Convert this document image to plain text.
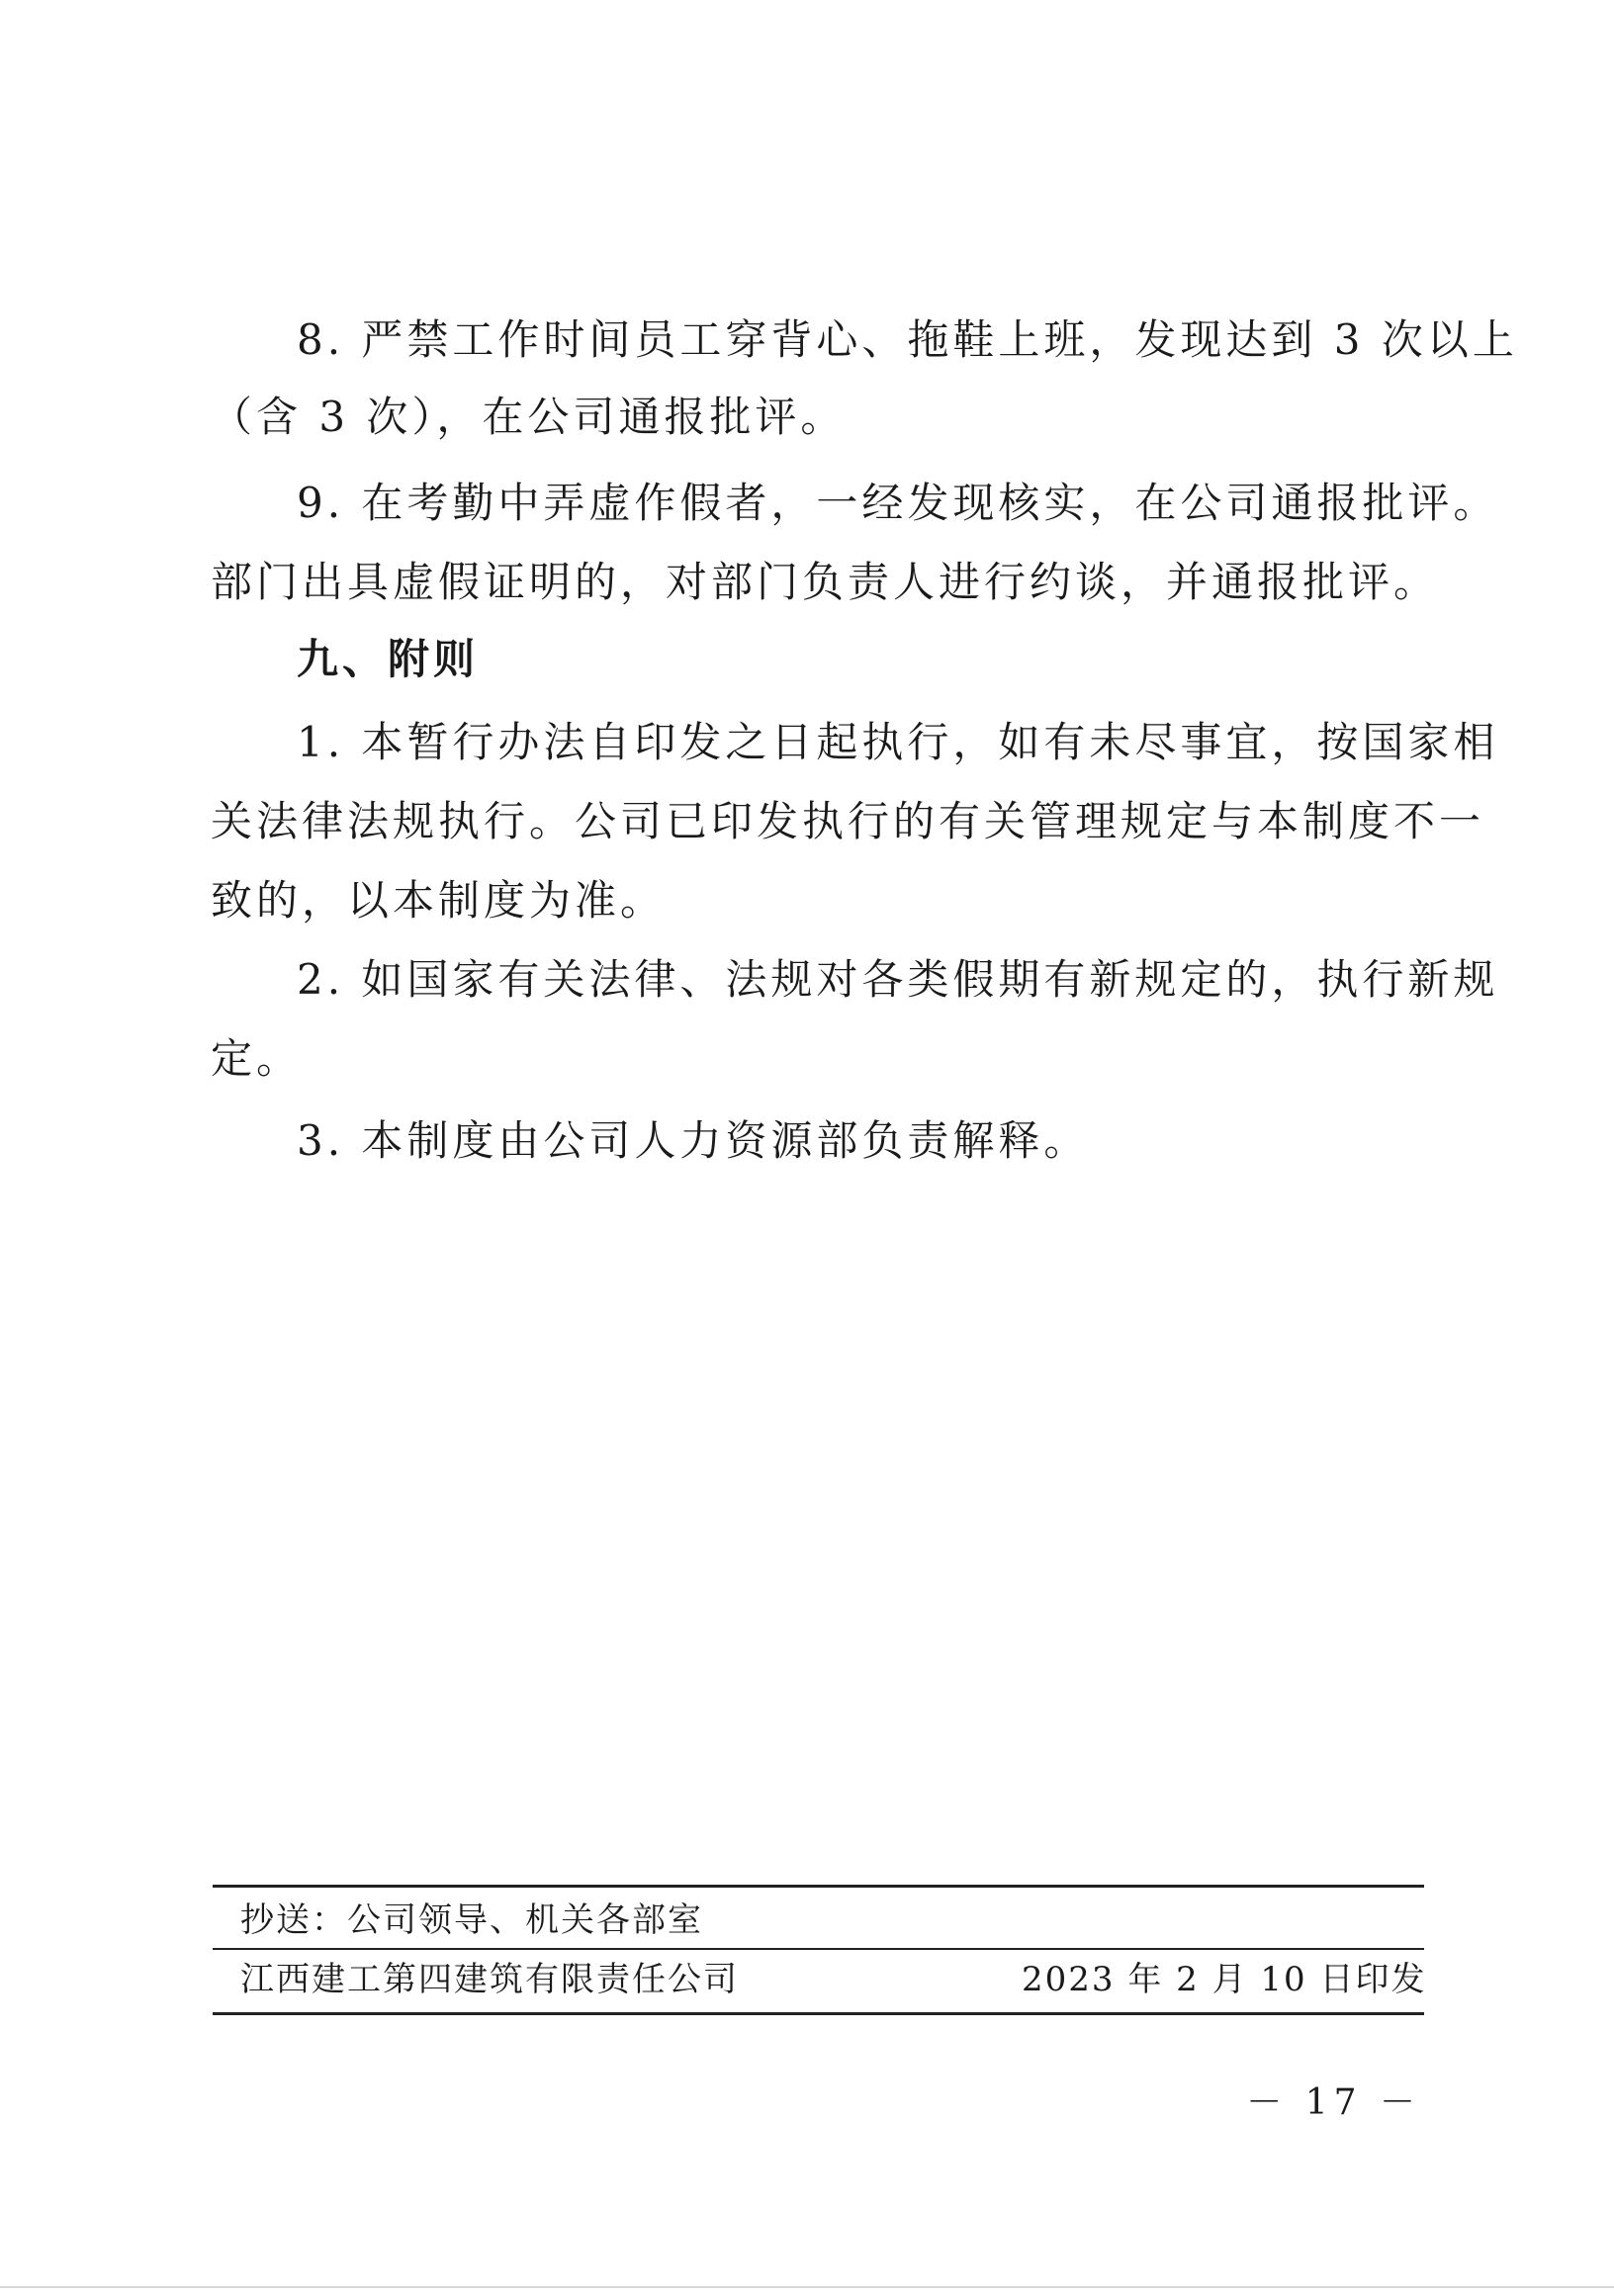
8. 严禁工作时间员工穿背心、拖鞋上班，发现达到 3 次以上
（含 3 次），在公司通报批评。
9. 在考勤中弄虚作假者，一经发现核实，在公司通报批评。
部门出具虚假证明的，对部门负责人进行约谈，并通报批评。
九、附则
1. 本暂行办法自印发之日起执行，如有未尽事宜，按国家相
关法律法规执行。公司已印发执行的有关管理规定与本制度不一
致的，以本制度为准。
2. 如国家有关法律、法规对各类假期有新规定的，执行新规
定。
3. 本制度由公司人力资源部负责解释。
抄送：公司领导、机关各部室
江西建工第四建筑有限责任公司	2023 年 2 月 10 日印发
－ 17 －
